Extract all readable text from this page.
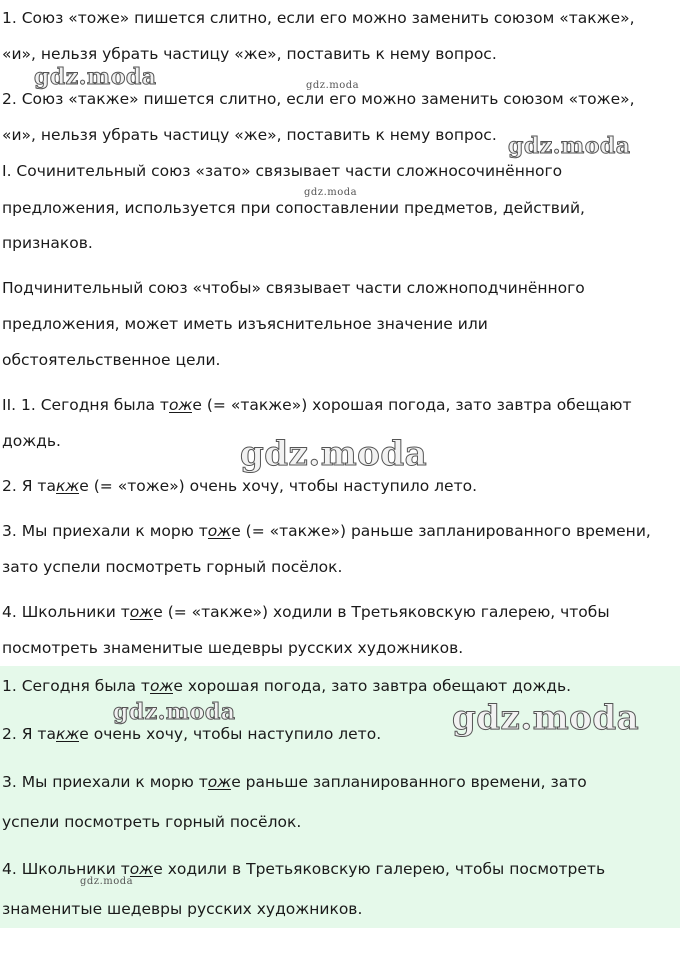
1. Союз «тоже» пишется слитно, если его можно заменить союзом «также»,
«и», нельзя убрать частицу «же», поставить к нему вопрос.
2. Союз «также» пишется слитно, если его можно заменить союзом «тоже»,
«и», нельзя убрать частицу «же», поставить к нему вопрос.
I. Сочинительный союз «зато» связывает части сложносочинённого
предложения, используется при сопоставлении предметов, действий,
признаков.
Подчинительный союз «чтобы» связывает части сложноподчинённого
предложения, может иметь изъяснительное значение или
обстоятельственное цели.
II. 1. Сегодня была тоже (= «также») хорошая погода, зато завтра обещают
дождь.
2. Я также (= «тоже») очень хочу, чтобы наступило лето.
3. Мы приехали к морю тоже (= «также») раньше запланированного времени,
зато успели посмотреть горный посёлок.
4. Школьники тоже (= «также») ходили в Третьяковскую галерею, чтобы
посмотреть знаменитые шедевры русских художников.
1. Сегодня была тоже хорошая погода, зато завтра обещают дождь.
2. Я также очень хочу, чтобы наступило лето.
3. Мы приехали к морю тоже раньше запланированного времени, зато
успели посмотреть горный посёлок.
4. Школьники тоже ходили в Третьяковскую галерею, чтобы посмотреть
знаменитые шедевры русских художников.
gdz.moda	gdz.moda
gdz.moda
gdz.moda
gdz.moda
gdz.moda	gdz.moda
gdz.moda
